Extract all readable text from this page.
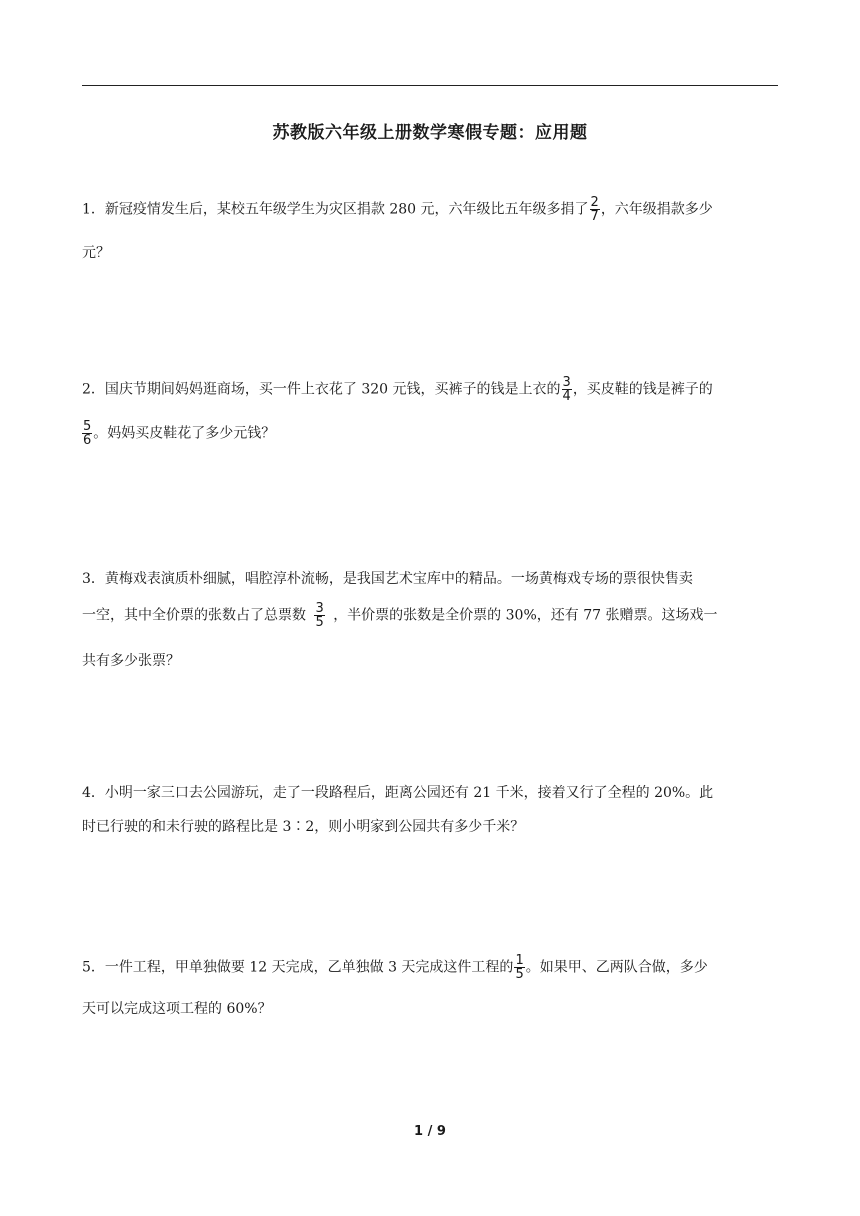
苏教版六年级上册数学寒假专题：应用题
1．新冠疫情发生后，某校五年级学生为灾区捐款 280 元，六年级比五年级多捐了 $\frac{2}{7}$ ，六年级捐款多少
元？
2．国庆节期间妈妈逛商场，买一件上衣花了 320 元钱，买裤子的钱是上衣的 $\frac{3}{4}$ ，买皮鞋的钱是裤子的
$\frac{5}{6}$ 。妈妈买皮鞋花了多少元钱？
3．黄梅戏表演质朴细腻，唱腔淳朴流畅，是我国艺术宝库中的精品。一场黄梅戏专场的票很快售卖
一空，其中全价票的张数占了总票数 $\frac{3}{5}$ ，半价票的张数是全价票的 30%，还有 77 张赠票。这场戏一
共有多少张票？
4．小明一家三口去公园游玩，走了一段路程后，距离公园还有 21 千米，接着又行了全程的 20%。此
时已行驶的和未行驶的路程比是 3∶2，则小明家到公园共有多少千米？
5．一件工程，甲单独做要 12 天完成，乙单独做 3 天完成这件工程的 $\frac{1}{5}$ 。如果甲、乙两队合做，多少
天可以完成这项工程的 60%？
1 / 9
